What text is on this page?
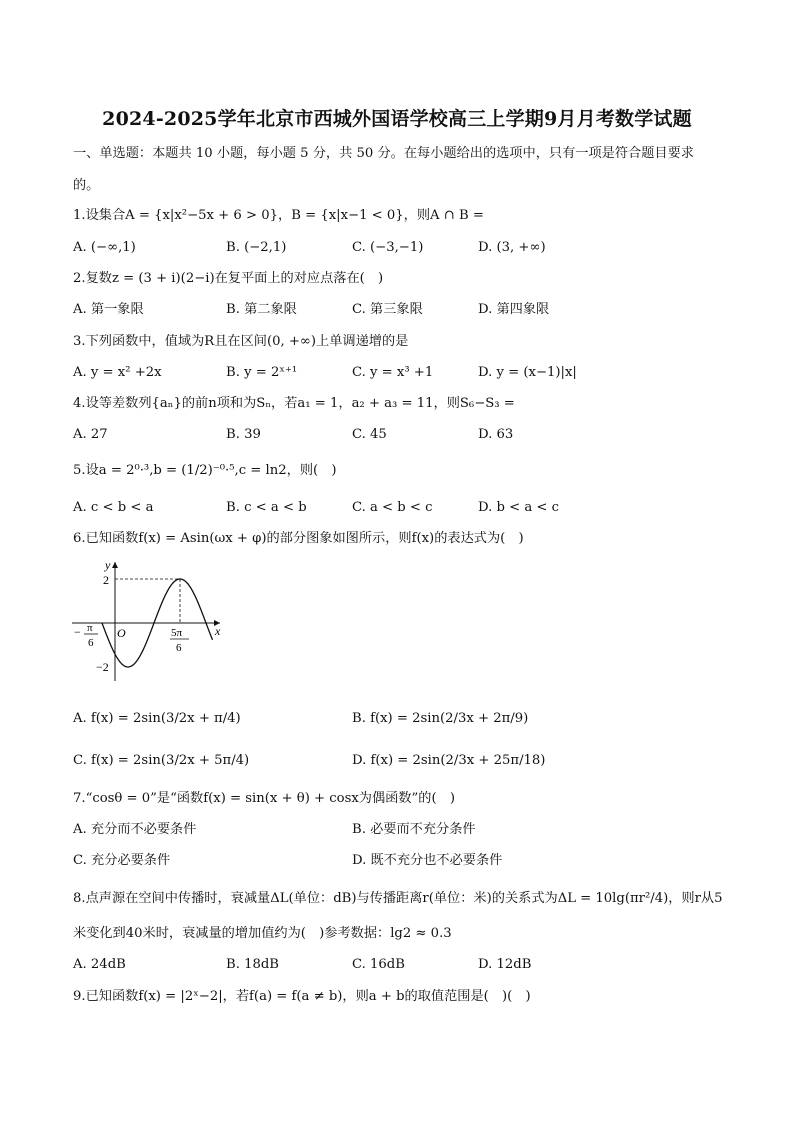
2024-2025学年北京市西城外国语学校高三上学期9月月考数学试题
一、单选题：本题共 10 小题，每小题 5 分，共 50 分。在每小题给出的选项中，只有一项是符合题目要求
的。
1.设集合A = {x|x²−5x + 6 > 0}，B = {x|x−1 < 0}，则A ∩ B =
A. (−∞,1)	B. (−2,1)	C. (−3,−1)	D. (3, +∞)
2.复数z = (3 + i)(2−i)在复平面上的对应点落在(　)
A. 第一象限	B. 第二象限	C. 第三象限	D. 第四象限
3.下列函数中，值域为R且在区间(0, +∞)上单调递增的是
A. y = x² +2x	B. y = 2ˣ⁺¹	C. y = x³ +1	D. y = (x−1)|x|
4.设等差数列{aₙ}的前n项和为Sₙ，若a₁ = 1，a₂ + a₃ = 11，则S₆−S₃ =
A. 27	B. 39	C. 45	D. 63
5.设a = 2⁰·³,b = (1/2)⁻⁰·⁵,c = ln2，则(　)
A. c < b < a	B. c < a < b	C. a < b < c	D. b < a < c
6.已知函数f(x) = Asin(ωx + φ)的部分图象如图所示，则f(x)的表达式为(　)
y
x
O
2
−2
− π
6
5π
6
A. f(x) = 2sin(3/2x + π/4)	B. f(x) = 2sin(2/3x + 2π/9)
C. f(x) = 2sin(3/2x + 5π/4)	D. f(x) = 2sin(2/3x + 25π/18)
7.“cosθ = 0”是“函数f(x) = sin(x + θ) + cosx为偶函数”的(　)
A. 充分而不必要条件	B. 必要而不充分条件
C. 充分必要条件	D. 既不充分也不必要条件
8.点声源在空间中传播时，衰减量ΔL(单位：dB)与传播距离r(单位：米)的关系式为ΔL = 10lg(πr²/4)，则r从5
米变化到40米时，衰减量的增加值约为(　)参考数据：lg2 ≈ 0.3
A. 24dB	B. 18dB	C. 16dB	D. 12dB
9.已知函数f(x) = |2ˣ−2|，若f(a) = f(a ≠ b)，则a + b的取值范围是(　)(　)
